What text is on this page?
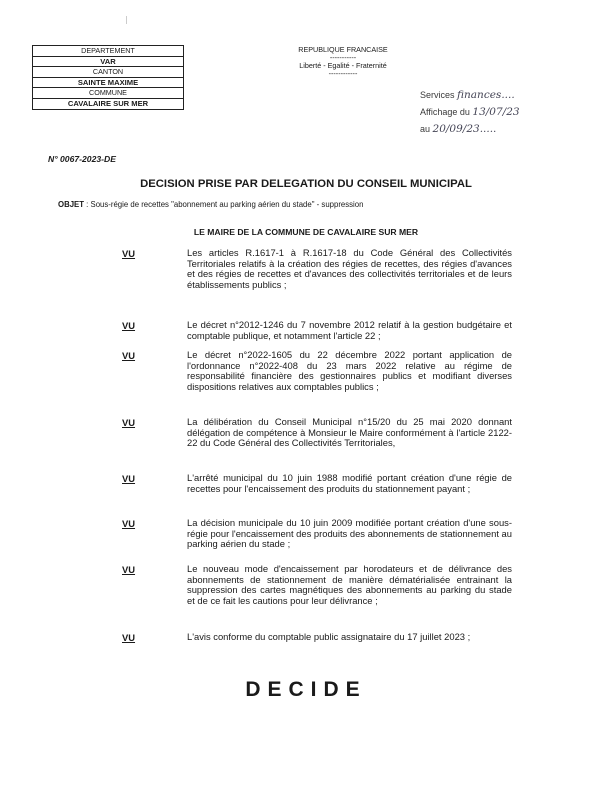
DEPARTEMENT
VAR
CANTON
SAINTE MAXIME
COMMUNE
CAVALAIRE SUR MER
N° 0067-2023-DE
REPUBLIQUE FRANCAISE
-----------
Liberté - Egalité - Fraternité
------------
Services finances....
Affichage du 13/07/23
au 20/09/23.....
DECISION PRISE PAR DELEGATION DU CONSEIL MUNICIPAL
OBJET : Sous-régie de recettes "abonnement au parking aérien du stade" - suppression
LE MAIRE DE LA COMMUNE DE CAVALAIRE SUR MER
VU	Les articles R.1617-1 à R.1617-18 du Code Général des Collectivités Territoriales relatifs à la création des régies de recettes, des régies d'avances et des régies de recettes et d'avances des collectivités territoriales et de leurs établissements publics ;
VU	Le décret n°2012-1246 du 7 novembre 2012 relatif à la gestion budgétaire et comptable publique, et notamment l'article 22 ;
VU	Le décret n°2022-1605 du 22 décembre 2022 portant application de l'ordonnance n°2022-408 du 23 mars 2022 relative au régime de responsabilité financière des gestionnaires publics et modifiant diverses dispositions relatives aux comptables publics ;
VU	La délibération du Conseil Municipal n°15/20 du 25 mai 2020 donnant délégation de compétence à Monsieur le Maire conformément à l'article 2122-22 du Code Général des Collectivités Territoriales,
VU	L'arrêté municipal du 10 juin 1988 modifié portant création d'une régie de recettes pour l'encaissement des produits du stationnement payant ;
VU	La décision municipale du 10 juin 2009 modifiée portant création d'une sous-régie pour l'encaissement des produits des abonnements de stationnement au parking aérien du stade ;
VU	Le nouveau mode d'encaissement par horodateurs et de délivrance des abonnements de stationnement de manière dématérialisée entrainant la suppression des cartes magnétiques des abonnements au parking du stade et de ce fait les cautions pour leur délivrance ;
VU	L'avis conforme du comptable public assignataire du 17 juillet 2023 ;
DECIDE
